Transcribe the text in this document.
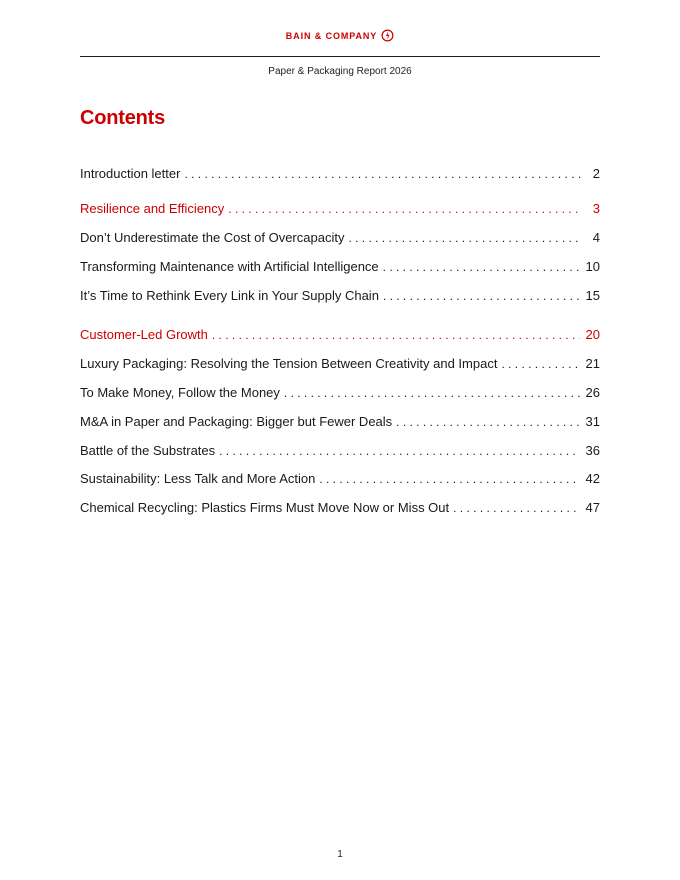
BAIN & COMPANY
Paper & Packaging Report 2026
Contents
Introduction letter . . .	2
Resilience and Efficiency . . .	3
Don’t Underestimate the Cost of Overcapacity . . .	4
Transforming Maintenance with Artificial Intelligence . . .	10
It’s Time to Rethink Every Link in Your Supply Chain . . .	15
Customer-Led Growth . . .	20
Luxury Packaging: Resolving the Tension Between Creativity and Impact . . .	21
To Make Money, Follow the Money . . .	26
M&A in Paper and Packaging: Bigger but Fewer Deals . . .	31
Battle of the Substrates . . .	36
Sustainability: Less Talk and More Action . . .	42
Chemical Recycling: Plastics Firms Must Move Now or Miss Out . . .	47
1
